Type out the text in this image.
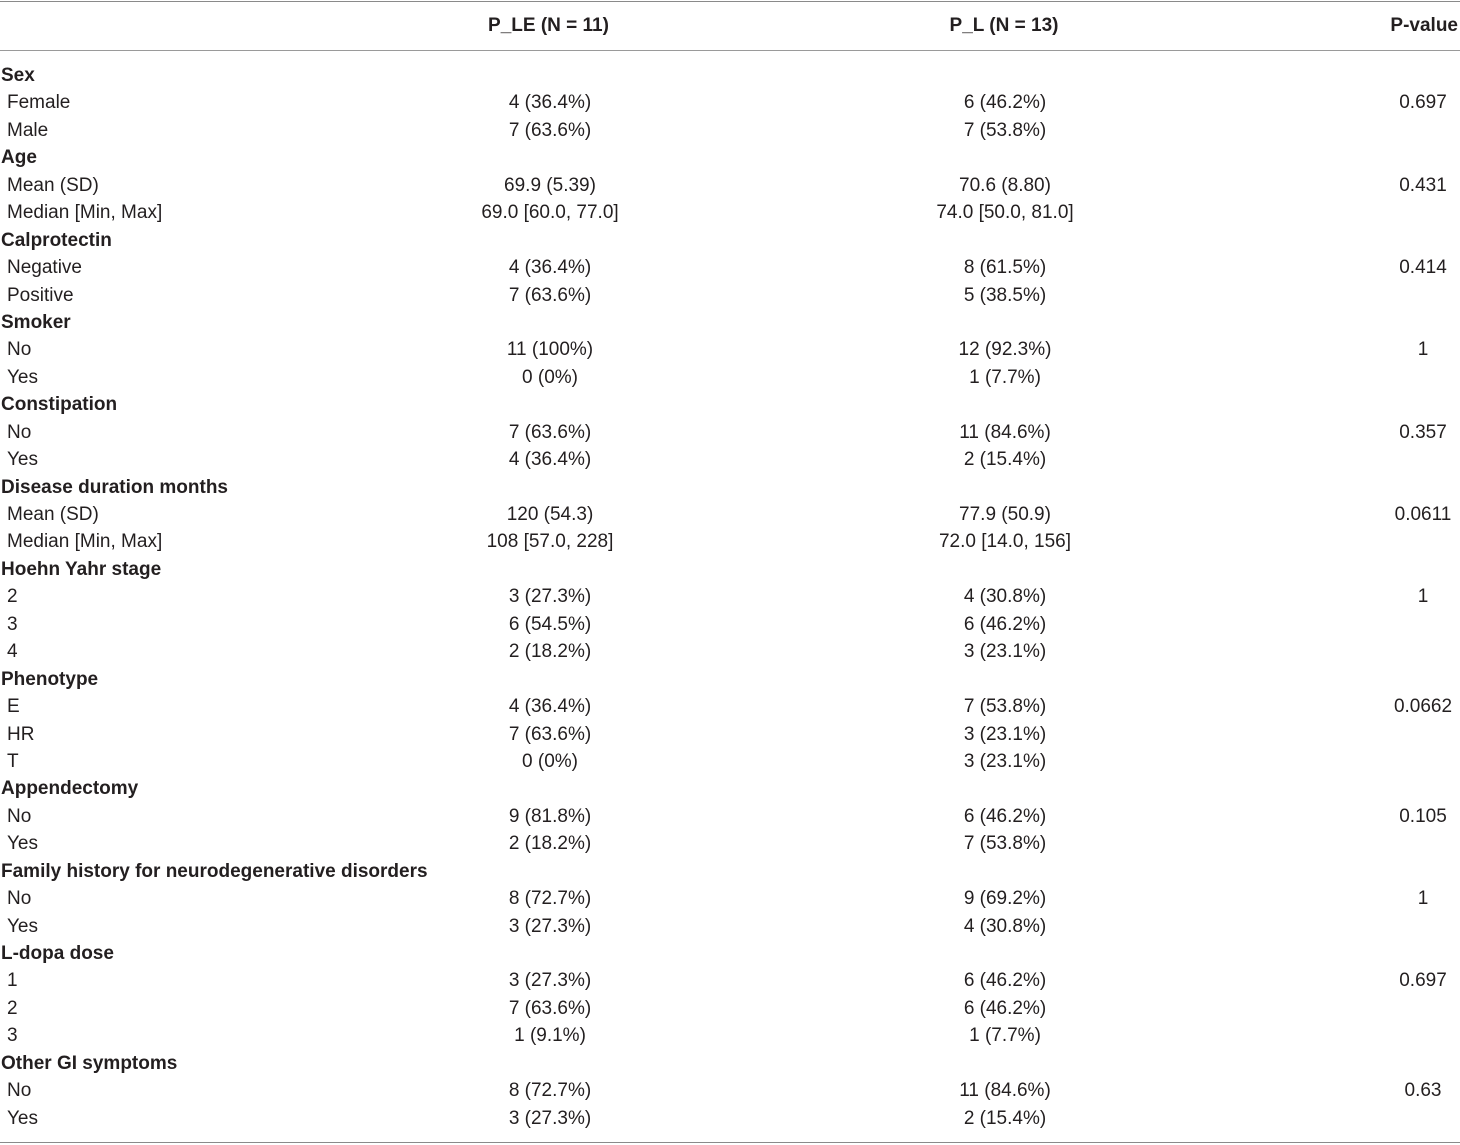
P_LE (N = 11)	P_L (N = 13)	P-value
Sex
Female	4 (36.4%)	6 (46.2%)	0.697
Male	7 (63.6%)	7 (53.8%)
Age
Mean (SD)	69.9 (5.39)	70.6 (8.80)	0.431
Median [Min, Max]	69.0 [60.0, 77.0]	74.0 [50.0, 81.0]
Calprotectin
Negative	4 (36.4%)	8 (61.5%)	0.414
Positive	7 (63.6%)	5 (38.5%)
Smoker
No	11 (100%)	12 (92.3%)	1
Yes	0 (0%)	1 (7.7%)
Constipation
No	7 (63.6%)	11 (84.6%)	0.357
Yes	4 (36.4%)	2 (15.4%)
Disease duration months
Mean (SD)	120 (54.3)	77.9 (50.9)	0.0611
Median [Min, Max]	108 [57.0, 228]	72.0 [14.0, 156]
Hoehn Yahr stage
2	3 (27.3%)	4 (30.8%)	1
3	6 (54.5%)	6 (46.2%)
4	2 (18.2%)	3 (23.1%)
Phenotype
E	4 (36.4%)	7 (53.8%)	0.0662
HR	7 (63.6%)	3 (23.1%)
T	0 (0%)	3 (23.1%)
Appendectomy
No	9 (81.8%)	6 (46.2%)	0.105
Yes	2 (18.2%)	7 (53.8%)
Family history for neurodegenerative disorders
No	8 (72.7%)	9 (69.2%)	1
Yes	3 (27.3%)	4 (30.8%)
L-dopa dose
1	3 (27.3%)	6 (46.2%)	0.697
2	7 (63.6%)	6 (46.2%)
3	1 (9.1%)	1 (7.7%)
Other GI symptoms
No	8 (72.7%)	11 (84.6%)	0.63
Yes	3 (27.3%)	2 (15.4%)
